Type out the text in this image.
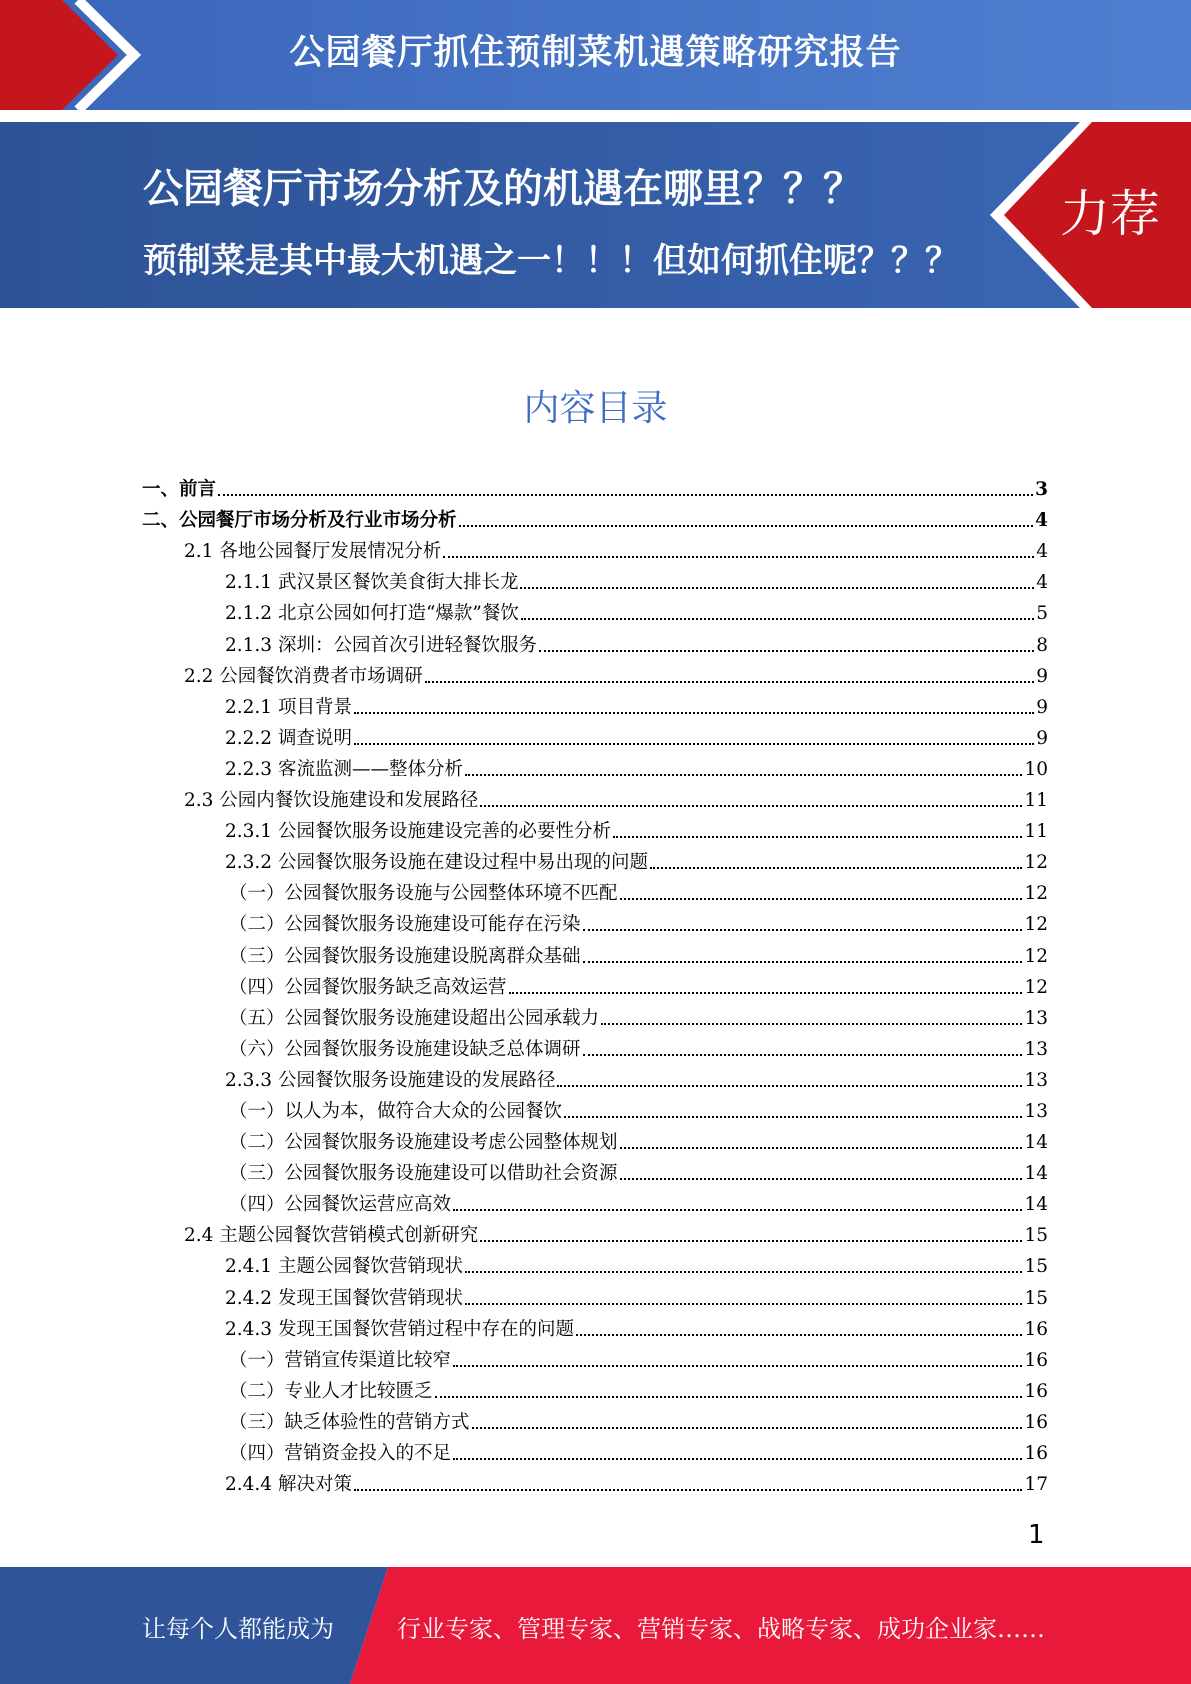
公园餐厅抓住预制菜机遇策略研究报告
公园餐厅市场分析及的机遇在哪里？？？
预制菜是其中最大机遇之一！！！但如何抓住呢？？？
力荐
内容目录
一、前言	3
二、公园餐厅市场分析及行业市场分析	4
2.1 各地公园餐厅发展情况分析	4
2.1.1 武汉景区餐饮美食街大排长龙	4
2.1.2 北京公园如何打造“爆款”餐饮	5
2.1.3 深圳：公园首次引进轻餐饮服务	8
2.2 公园餐饮消费者市场调研	9
2.2.1 项目背景	9
2.2.2 调查说明	9
2.2.3 客流监测——整体分析	10
2.3 公园内餐饮设施建设和发展路径	11
2.3.1 公园餐饮服务设施建设完善的必要性分析	11
2.3.2 公园餐饮服务设施在建设过程中易出现的问题	12
（一）公园餐饮服务设施与公园整体环境不匹配	12
（二）公园餐饮服务设施建设可能存在污染	12
（三）公园餐饮服务设施建设脱离群众基础	12
（四）公园餐饮服务缺乏高效运营	12
（五）公园餐饮服务设施建设超出公园承载力	13
（六）公园餐饮服务设施建设缺乏总体调研	13
2.3.3 公园餐饮服务设施建设的发展路径	13
（一）以人为本，做符合大众的公园餐饮	13
（二）公园餐饮服务设施建设考虑公园整体规划	14
（三）公园餐饮服务设施建设可以借助社会资源	14
（四）公园餐饮运营应高效	14
2.4 主题公园餐饮营销模式创新研究	15
2.4.1 主题公园餐饮营销现状	15
2.4.2 发现王国餐饮营销现状	15
2.4.3 发现王国餐饮营销过程中存在的问题	16
（一）营销宣传渠道比较窄	16
（二）专业人才比较匮乏	16
（三）缺乏体验性的营销方式	16
（四）营销资金投入的不足	16
2.4.4 解决对策	17
1
让每个人都能成为	行业专家、管理专家、营销专家、战略专家、成功企业家……
